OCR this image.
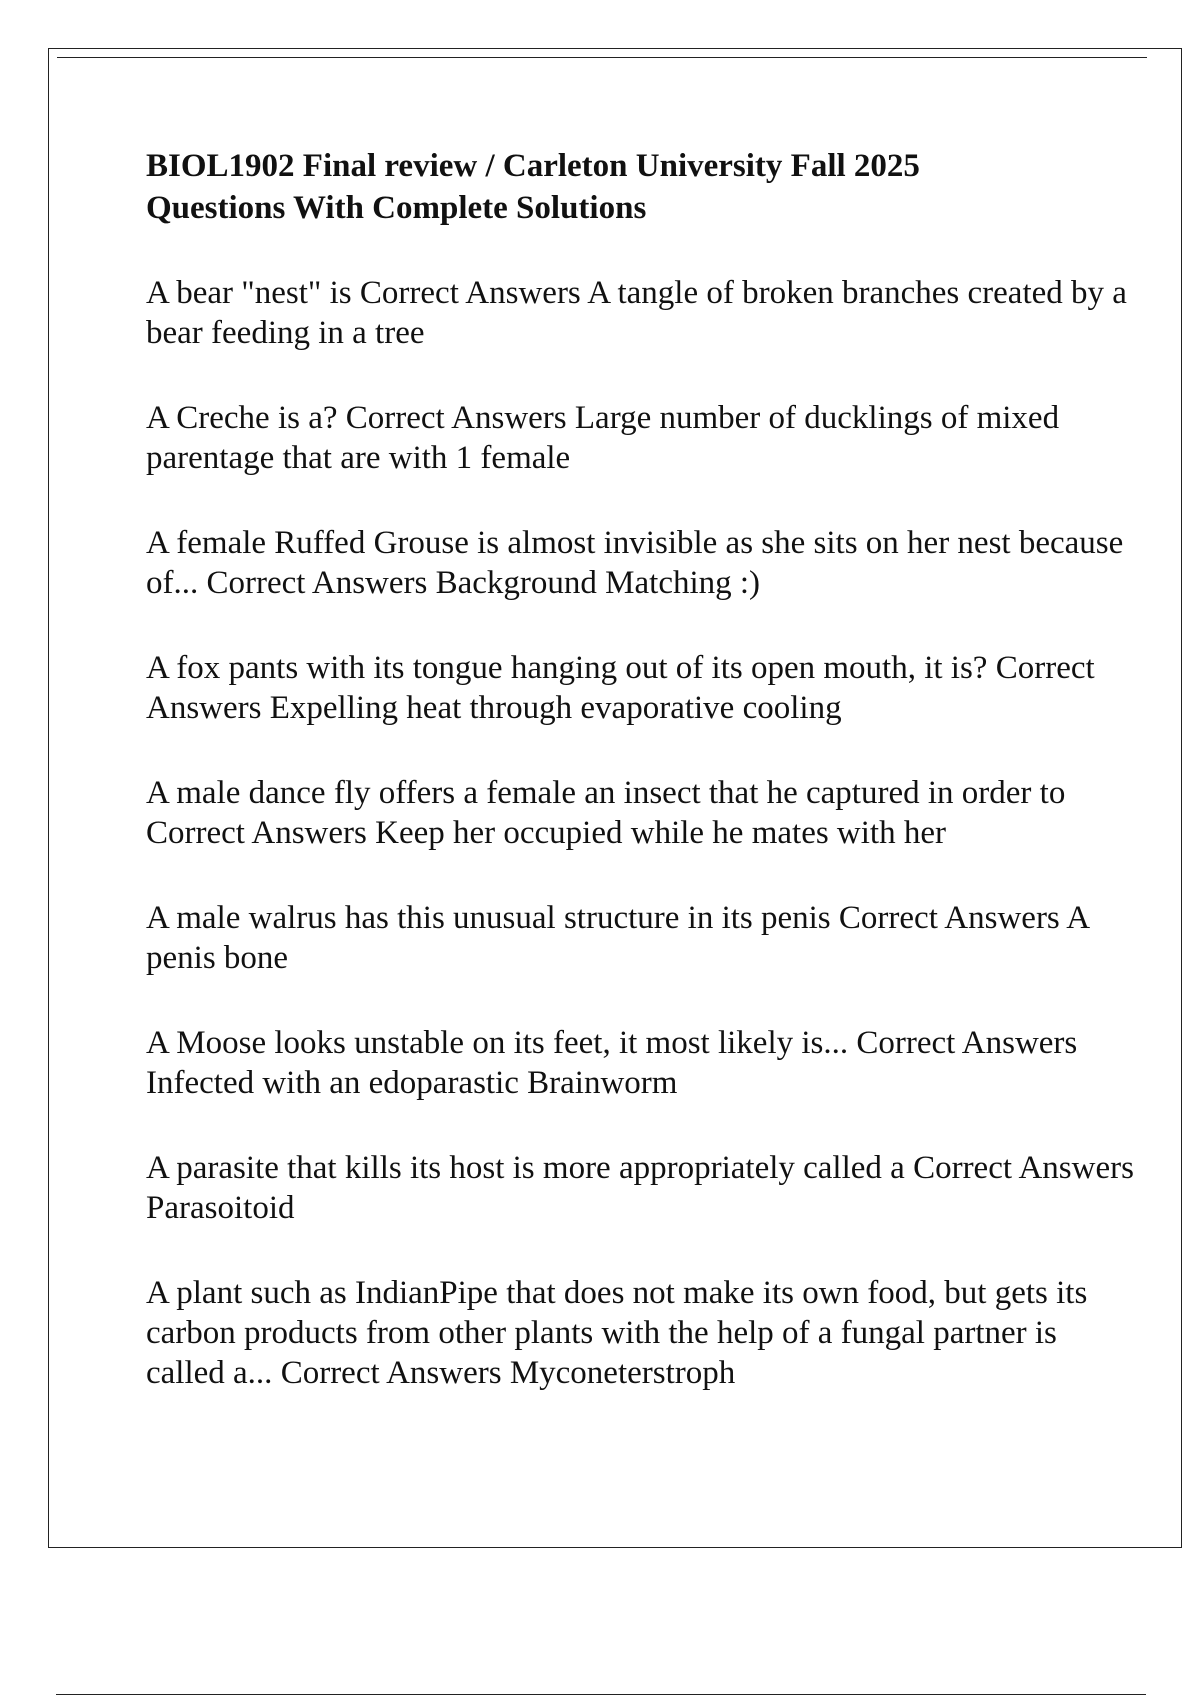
BIOL1902 Final review / Carleton University Fall 2025
Questions With Complete Solutions

A bear "nest" is Correct Answers A tangle of broken branches created by a bear feeding in a tree

A Creche is a? Correct Answers Large number of ducklings of mixed parentage that are with 1 female

A female Ruffed Grouse is almost invisible as she sits on her nest because of... Correct Answers Background Matching :)

A fox pants with its tongue hanging out of its open mouth, it is? Correct Answers Expelling heat through evaporative cooling

A male dance fly offers a female an insect that he captured in order to Correct Answers Keep her occupied while he mates with her

A male walrus has this unusual structure in its penis Correct Answers A penis bone

A Moose looks unstable on its feet, it most likely is... Correct Answers Infected with an edoparastic Brainworm

A parasite that kills its host is more appropriately called a Correct Answers Parasoitoid

A plant such as IndianPipe that does not make its own food, but gets its carbon products from other plants with the help of a fungal partner is called a... Correct Answers Myconeterstroph
